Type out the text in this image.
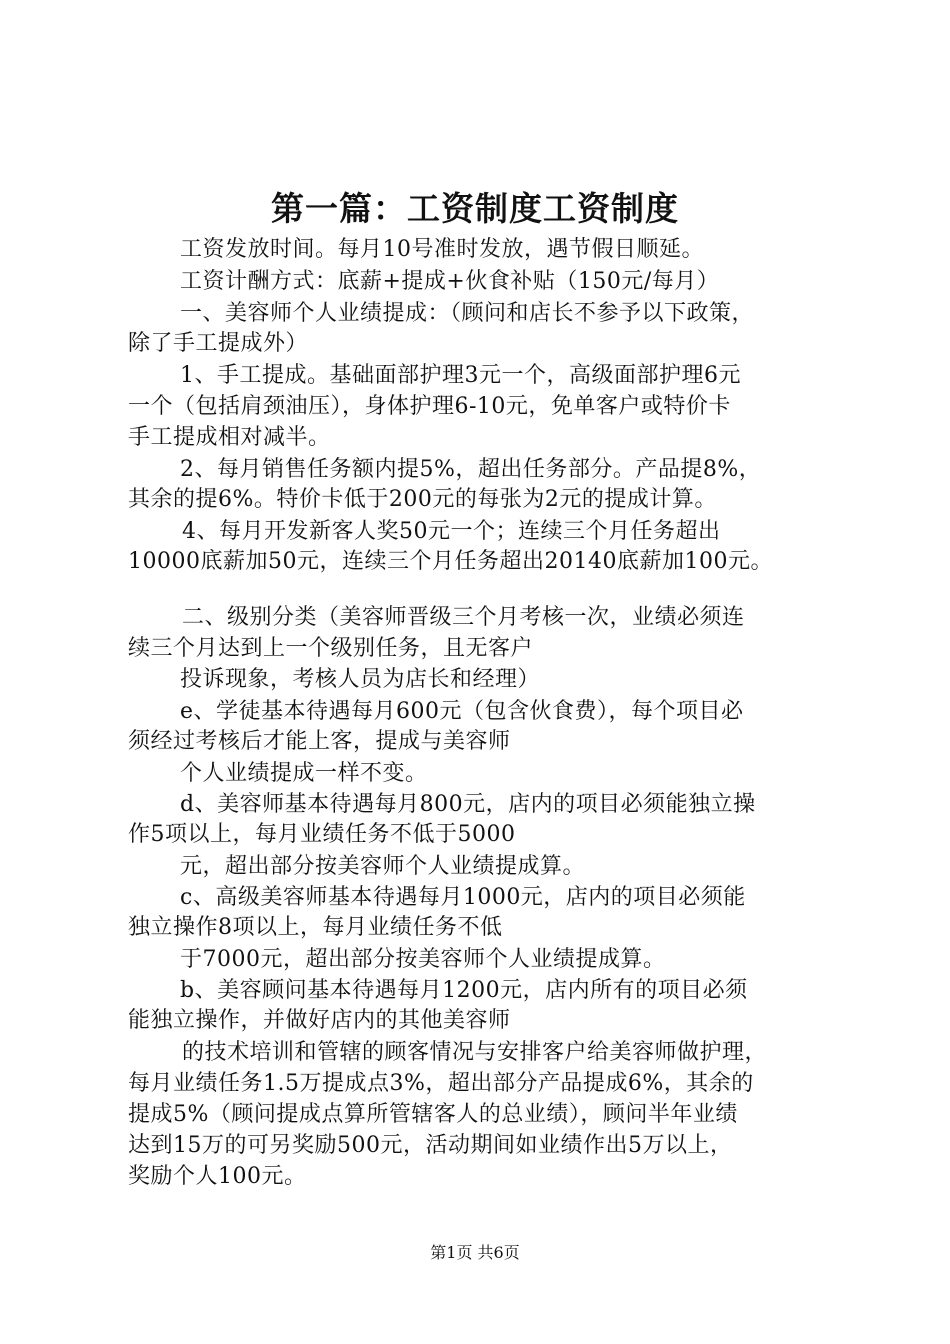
第一篇：工资制度工资制度
工资发放时间。每月10号准时发放，遇节假日顺延。
工资计酬方式：底薪+提成+伙食补贴（150元/每月）
一、美容师个人业绩提成：（顾问和店长不参予以下政策，
除了手工提成外）
1、手工提成。基础面部护理3元一个，高级面部护理6元
一个（包括肩颈油压），身体护理6-10元，免单客户或特价卡
手工提成相对减半。
2、每月销售任务额内提5%，超出任务部分。产品提8%，
其余的提6%。特价卡低于200元的每张为2元的提成计算。
4、每月开发新客人奖50元一个；连续三个月任务超出
10000底薪加50元，连续三个月任务超出20140底薪加100元。
二、级别分类（美容师晋级三个月考核一次，业绩必须连
续三个月达到上一个级别任务，且无客户
投诉现象，考核人员为店长和经理）
e、学徒基本待遇每月600元（包含伙食费），每个项目必
须经过考核后才能上客，提成与美容师
个人业绩提成一样不变。
d、美容师基本待遇每月800元，店内的项目必须能独立操
作5项以上，每月业绩任务不低于5000
元，超出部分按美容师个人业绩提成算。
c、高级美容师基本待遇每月1000元，店内的项目必须能
独立操作8项以上，每月业绩任务不低
于7000元，超出部分按美容师个人业绩提成算。
b、美容顾问基本待遇每月1200元，店内所有的项目必须
能独立操作，并做好店内的其他美容师
的技术培训和管辖的顾客情况与安排客户给美容师做护理，
每月业绩任务1.5万提成点3%，超出部分产品提成6%，其余的
提成5%（顾问提成点算所管辖客人的总业绩），顾问半年业绩
达到15万的可另奖励500元，活动期间如业绩作出5万以上，
奖励个人100元。
第1页 共6页
